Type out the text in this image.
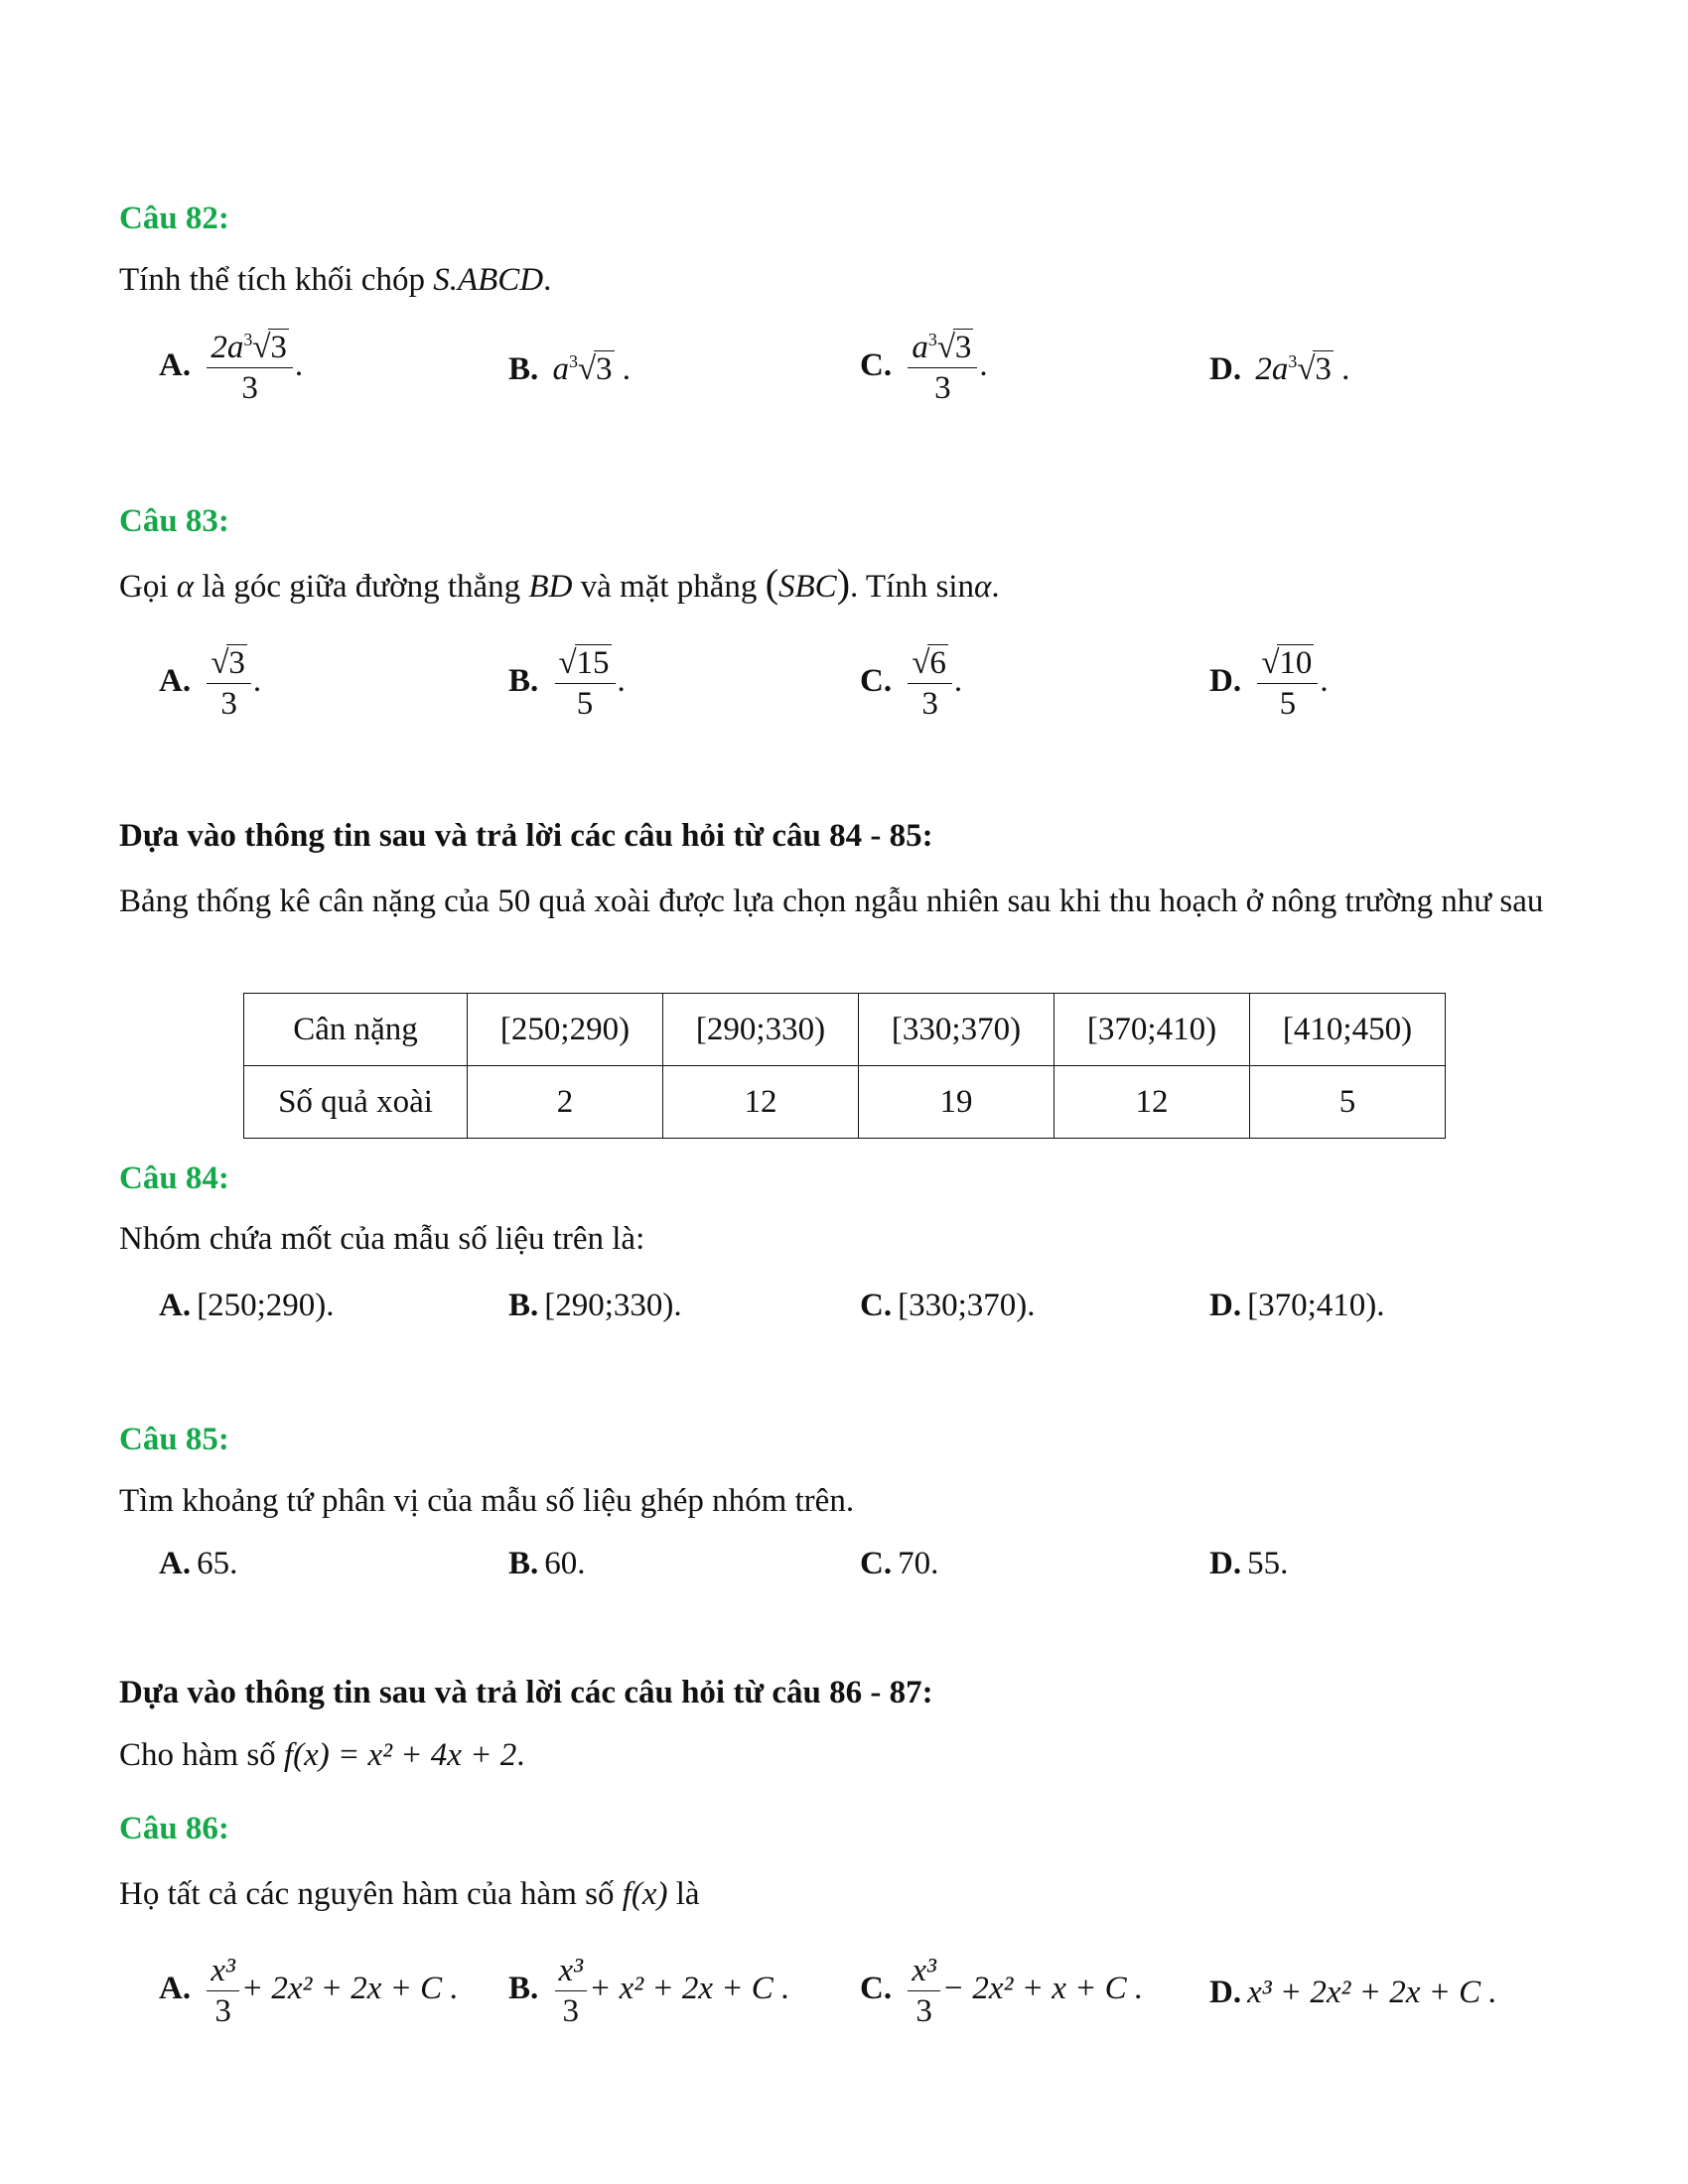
Câu 82:
Tính thể tích khối chóp S.ABCD.
A. $\frac{2a^3 √ 3}{3}$ .	B. $a^3$ √ 3 .	C. $\frac{a^3 √ 3}{3}$ .	D. $2a^3$ √ 3 .
Câu 83:
Gọi α là góc giữa đường thẳng BD và mặt phẳng (SBC). Tính sinα.
A. √ $\frac{3}{3}$ .	B. √ $\frac{15}{5}$ .	C. √ $\frac{6}{3}$ .	D. √ $\frac{10}{5}$ .
Dựa vào thông tin sau và trả lời các câu hỏi từ câu 84 - 85:
Bảng thống kê cân nặng của 50 quả xoài được lựa chọn ngẫu nhiên sau khi thu hoạch ở nông trường như sau
Cân nặng	[250;290)	[290;330)	[330;370)	[370;410)	[410;450)
Số quả xoài	2	12	19	12	5
Câu 84:
Nhóm chứa mốt của mẫu số liệu trên là:
A. [250;290).	B. [290;330).	C. [330;370).	D. [370;410).
Câu 85:
Tìm khoảng tứ phân vị của mẫu số liệu ghép nhóm trên.
A. 65.	B. 60.	C. 70.	D. 55.
Dựa vào thông tin sau và trả lời các câu hỏi từ câu 86 - 87:
Cho hàm số f(x) = x² + 4x + 2.
Câu 86:
Họ tất cả các nguyên hàm của hàm số f(x) là
A. $\frac{\text{x³}}{3} + 2x^2 + 2x + C$ . B. $\frac{\text{x³}}{3} + x^2 + 2x + C$ . C. $\frac{\text{x³}}{3} - 2x^2 + x + C$ . D. x³ + 2x² + 2x + C .
